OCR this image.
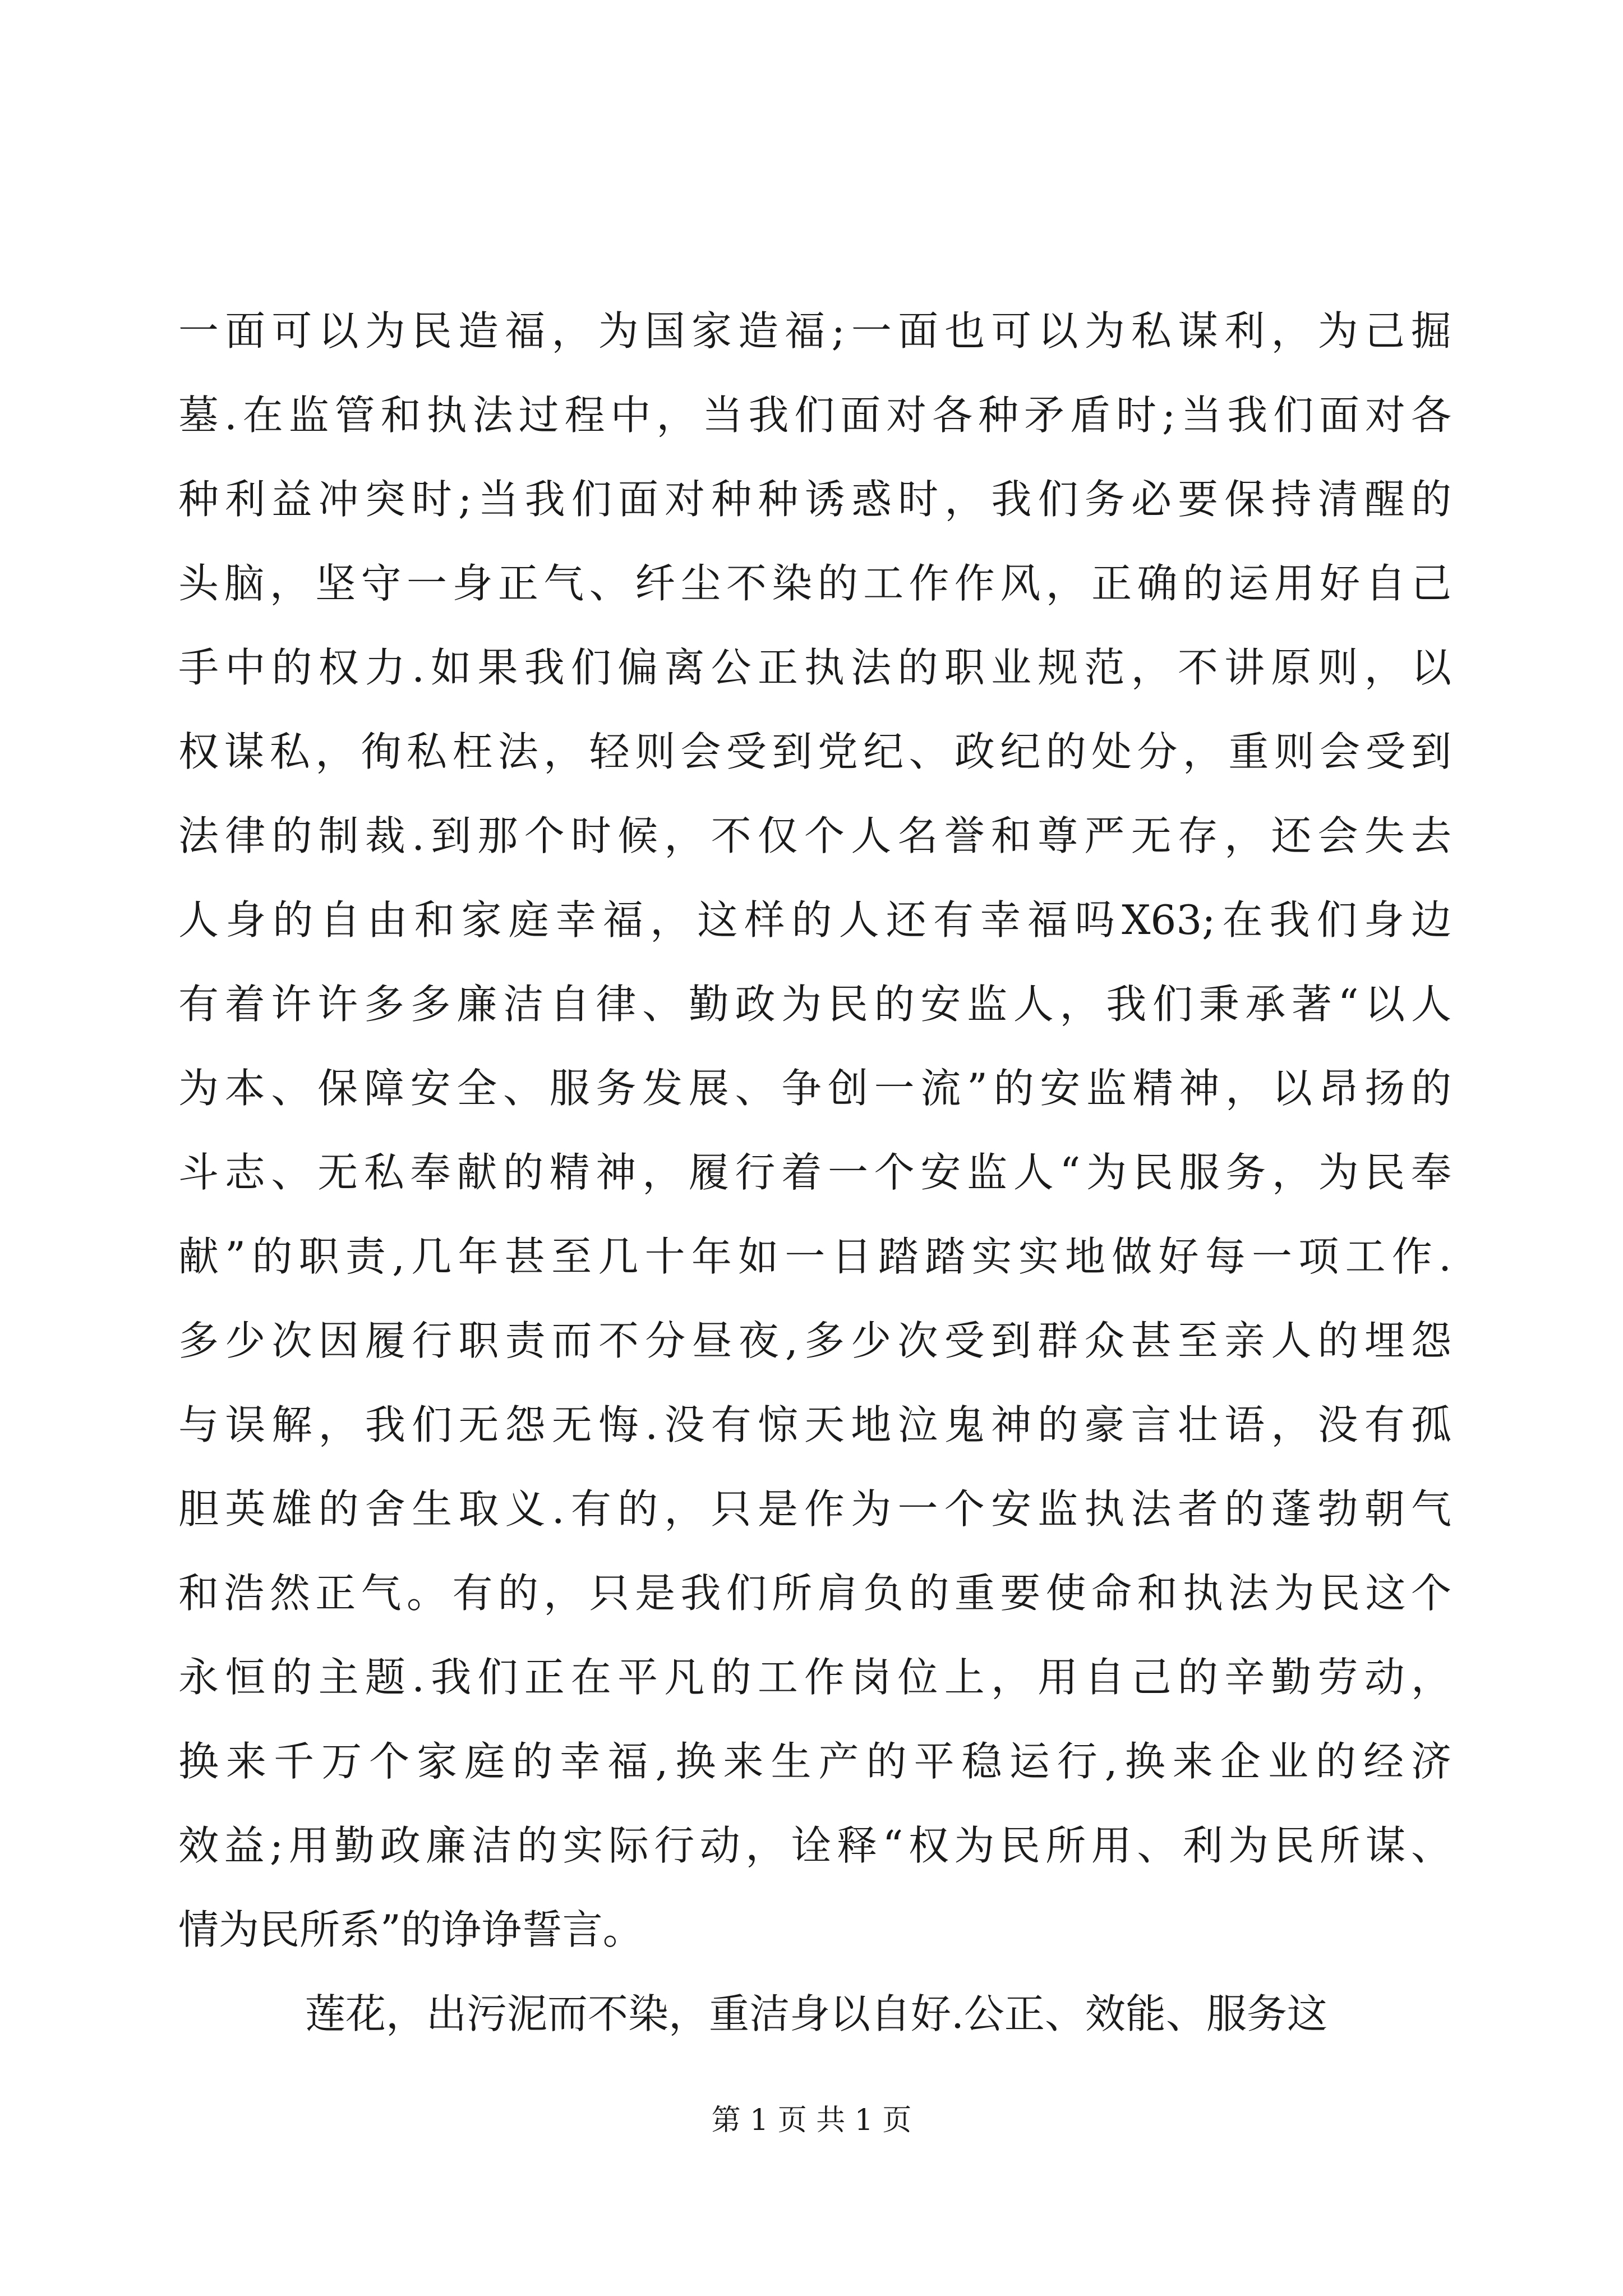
一面可以为民造福，为国家造福;一面也可以为私谋利，为己掘
墓.在监管和执法过程中，当我们面对各种矛盾时;当我们面对各
种利益冲突时;当我们面对种种诱惑时，我们务必要保持清醒的
头脑，坚守一身正气、纤尘不染的工作作风，正确的运用好自己
手中的权力.如果我们偏离公正执法的职业规范，不讲原则，以
权谋私，徇私枉法，轻则会受到党纪、政纪的处分，重则会受到
法律的制裁.到那个时候，不仅个人名誉和尊严无存，还会失去
人身的自由和家庭幸福，这样的人还有幸福吗X63;在我们身边
有着许许多多廉洁自律、勤政为民的安监人，我们秉承著“以人
为本、保障安全、服务发展、争创一流”的安监精神，以昂扬的
斗志、无私奉献的精神，履行着一个安监人“为民服务，为民奉
献”的职责,几年甚至几十年如一日踏踏实实地做好每一项工作.
多少次因履行职责而不分昼夜,多少次受到群众甚至亲人的埋怨
与误解，我们无怨无悔.没有惊天地泣鬼神的豪言壮语，没有孤
胆英雄的舍生取义.有的，只是作为一个安监执法者的蓬勃朝气
和浩然正气。有的，只是我们所肩负的重要使命和执法为民这个
永恒的主题.我们正在平凡的工作岗位上，用自己的辛勤劳动，
换来千万个家庭的幸福,换来生产的平稳运行,换来企业的经济
效益;用勤政廉洁的实际行动，诠释“权为民所用、利为民所谋、
情为民所系”的诤诤誓言。
莲花，出污泥而不染，重洁身以自好.公正、效能、服务这
第 1 页 共 1 页
